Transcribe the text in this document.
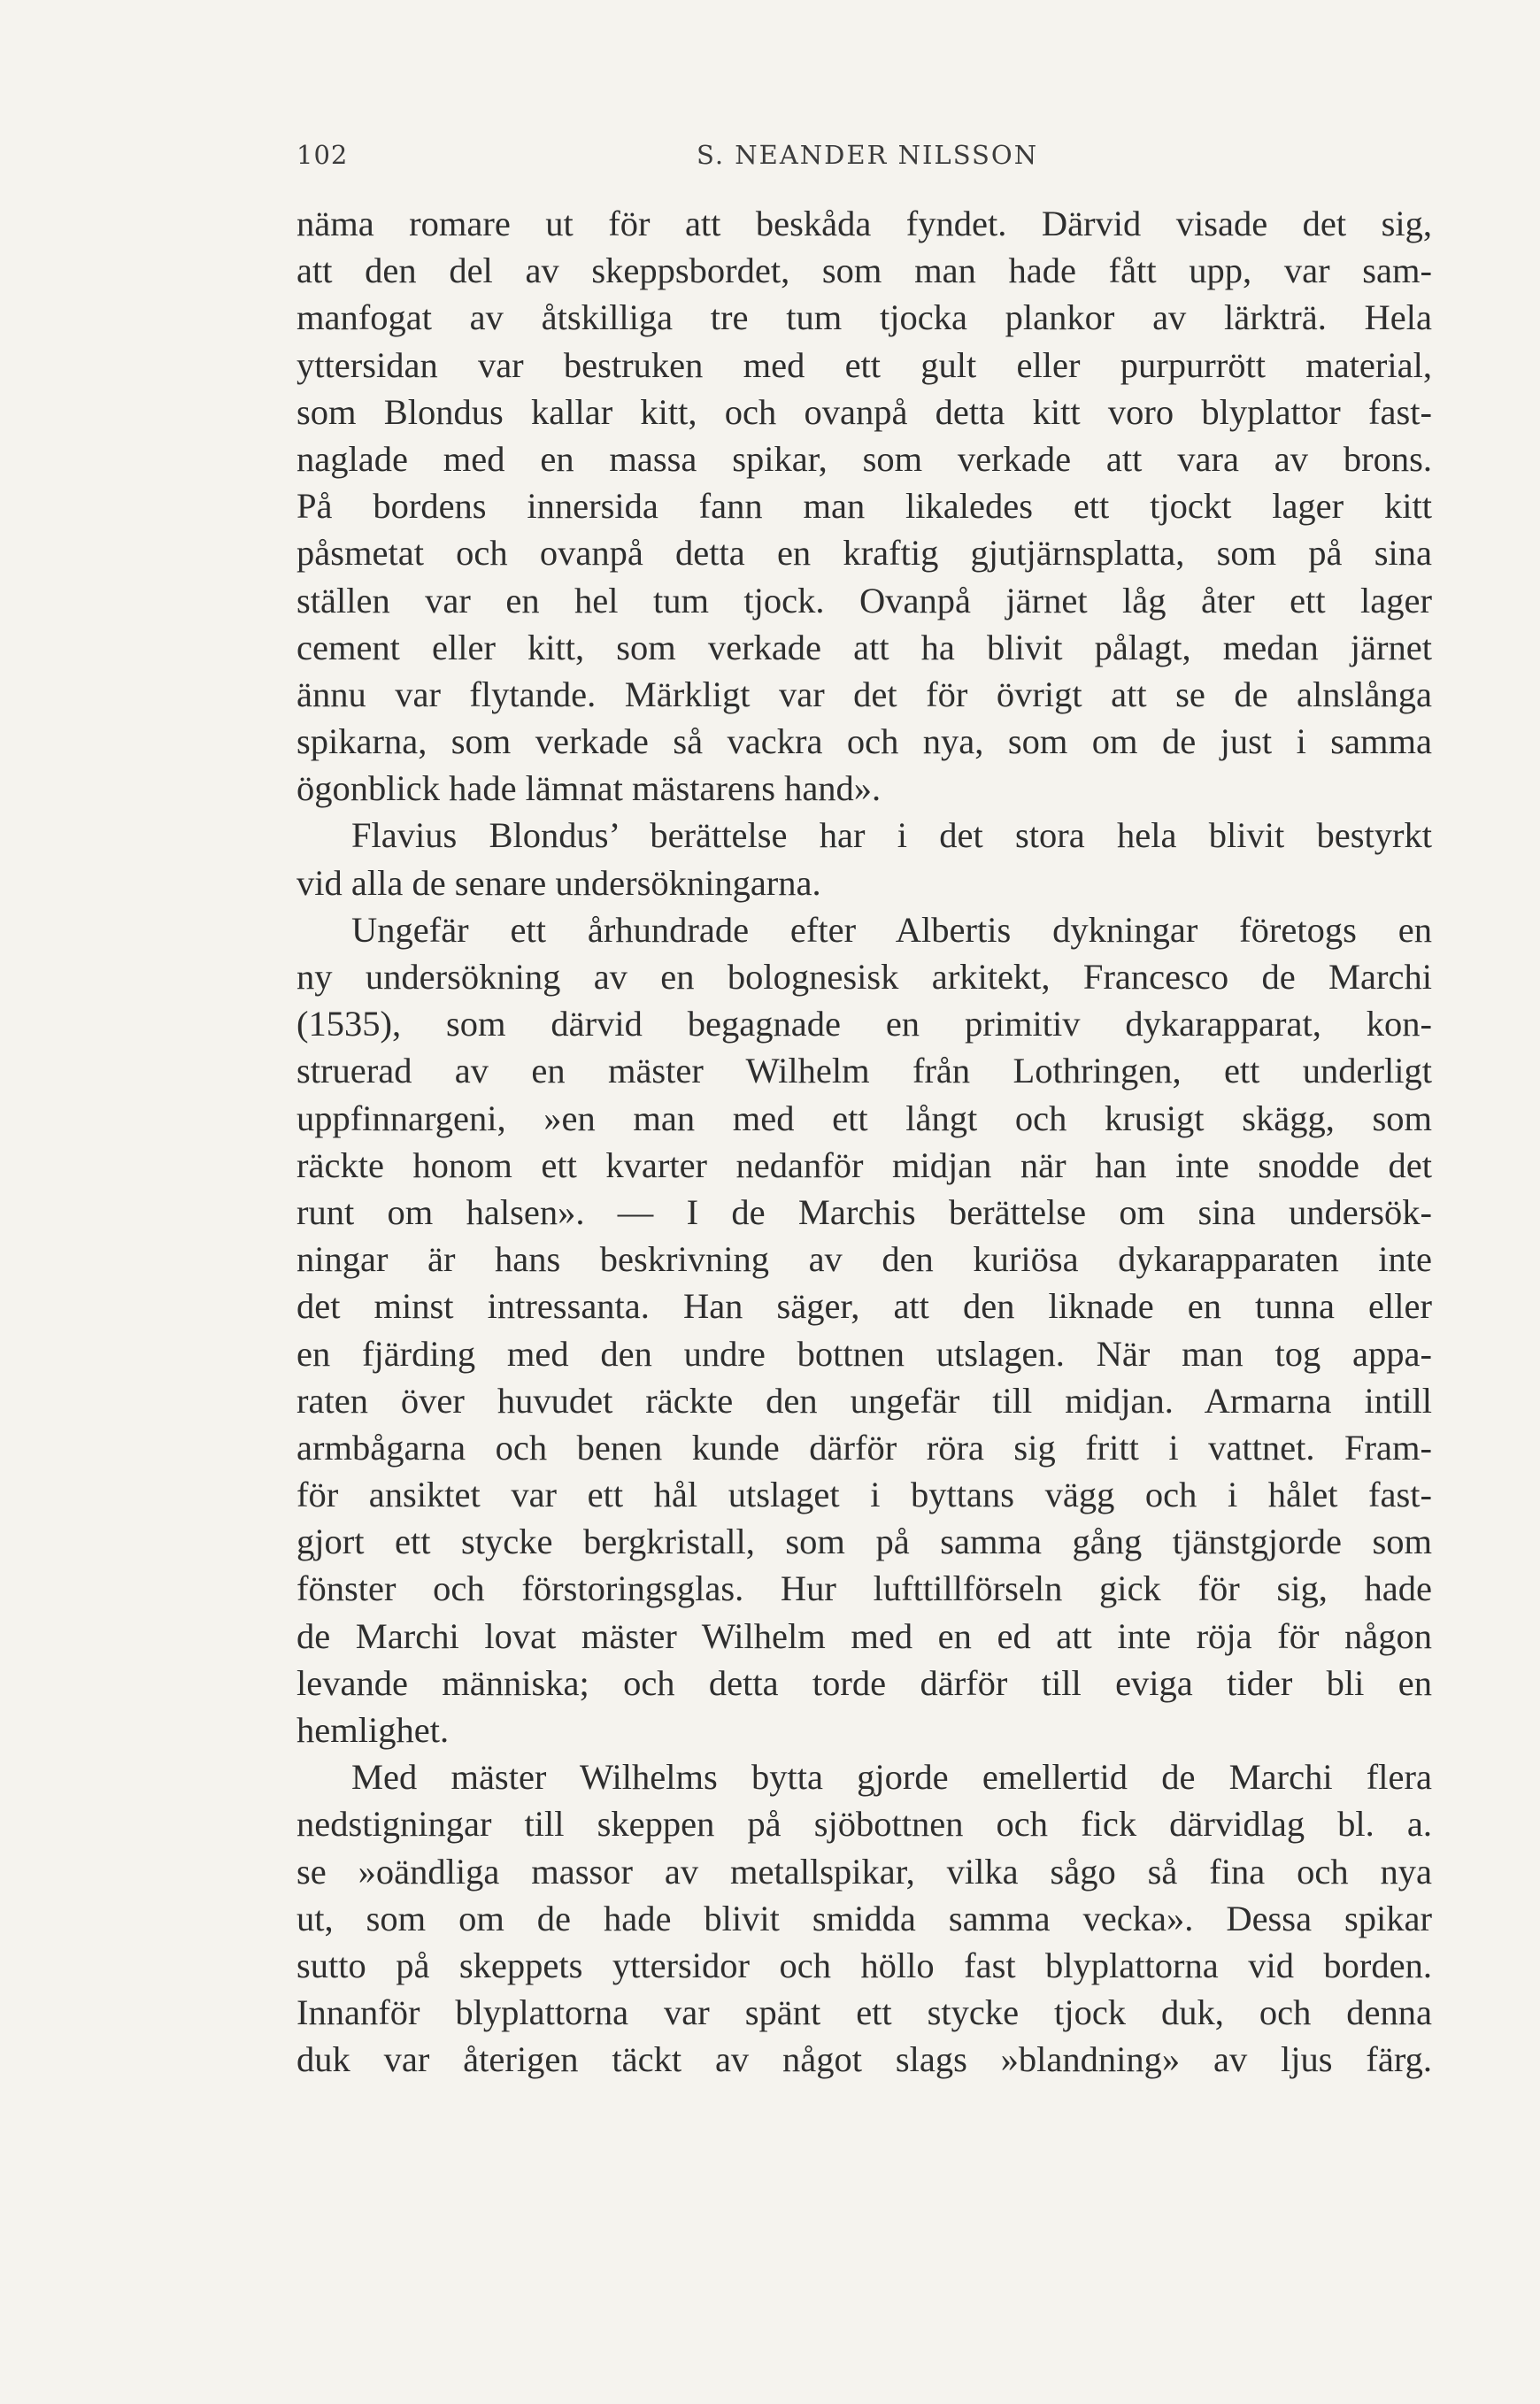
102	S. NEANDER NILSSON
näma romare ut för att beskåda fyndet. Därvid visade det sig,
att den del av skeppsbordet, som man hade fått upp, var sam-
manfogat av åtskilliga tre tum tjocka plankor av lärkträ. Hela
yttersidan var bestruken med ett gult eller purpurrött material,
som Blondus kallar kitt, och ovanpå detta kitt voro blyplattor fast-
naglade med en massa spikar, som verkade att vara av brons.
På bordens innersida fann man likaledes ett tjockt lager kitt
påsmetat och ovanpå detta en kraftig gjutjärnsplatta, som på sina
ställen var en hel tum tjock. Ovanpå järnet låg åter ett lager
cement eller kitt, som verkade att ha blivit pålagt, medan järnet
ännu var flytande. Märkligt var det för övrigt att se de alnslånga
spikarna, som verkade så vackra och nya, som om de just i samma
ögonblick hade lämnat mästarens hand».
Flavius Blondus’ berättelse har i det stora hela blivit bestyrkt
vid alla de senare undersökningarna.
Ungefär ett århundrade efter Albertis dykningar företogs en
ny undersökning av en bolognesisk arkitekt, Francesco de Marchi
(1535), som därvid begagnade en primitiv dykarapparat, kon-
struerad av en mäster Wilhelm från Lothringen, ett underligt
uppfinnargeni, »en man med ett långt och krusigt skägg, som
räckte honom ett kvarter nedanför midjan när han inte snodde det
runt om halsen». — I de Marchis berättelse om sina undersök-
ningar är hans beskrivning av den kuriösa dykarapparaten inte
det minst intressanta. Han säger, att den liknade en tunna eller
en fjärding med den undre bottnen utslagen. När man tog appa-
raten över huvudet räckte den ungefär till midjan. Armarna intill
armbågarna och benen kunde därför röra sig fritt i vattnet. Fram-
för ansiktet var ett hål utslaget i byttans vägg och i hålet fast-
gjort ett stycke bergkristall, som på samma gång tjänstgjorde som
fönster och förstoringsglas. Hur lufttillförseln gick för sig, hade
de Marchi lovat mäster Wilhelm med en ed att inte röja för någon
levande människa; och detta torde därför till eviga tider bli en
hemlighet.
Med mäster Wilhelms bytta gjorde emellertid de Marchi flera
nedstigningar till skeppen på sjöbottnen och fick därvidlag bl. a.
se »oändliga massor av metallspikar, vilka sågo så fina och nya
ut, som om de hade blivit smidda samma vecka». Dessa spikar
sutto på skeppets yttersidor och höllo fast blyplattorna vid borden.
Innanför blyplattorna var spänt ett stycke tjock duk, och denna
duk var återigen täckt av något slags »blandning» av ljus färg.
